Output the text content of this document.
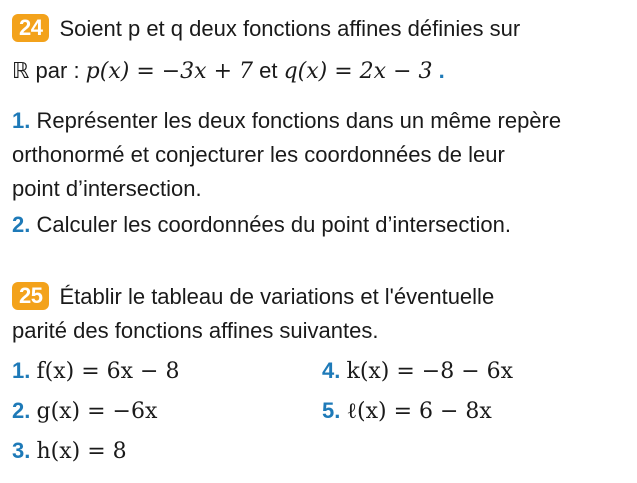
24 Soient p et q deux fonctions affines définies sur
ℝ par : p(x) = −3x + 7 et q(x) = 2x − 3 .
1. Représenter les deux fonctions dans un même repère
orthonormé et conjecturer les coordonnées de leur
point d’intersection.
2. Calculer les coordonnées du point d’intersection.
25 Établir le tableau de variations et l'éventuelle
parité des fonctions affines suivantes.
1. f(x) = 6x − 8
2. g(x) = −6x
3. h(x) = 8
4. k(x) = −8 − 6x
5. ℓ(x) = 6 − 8x
